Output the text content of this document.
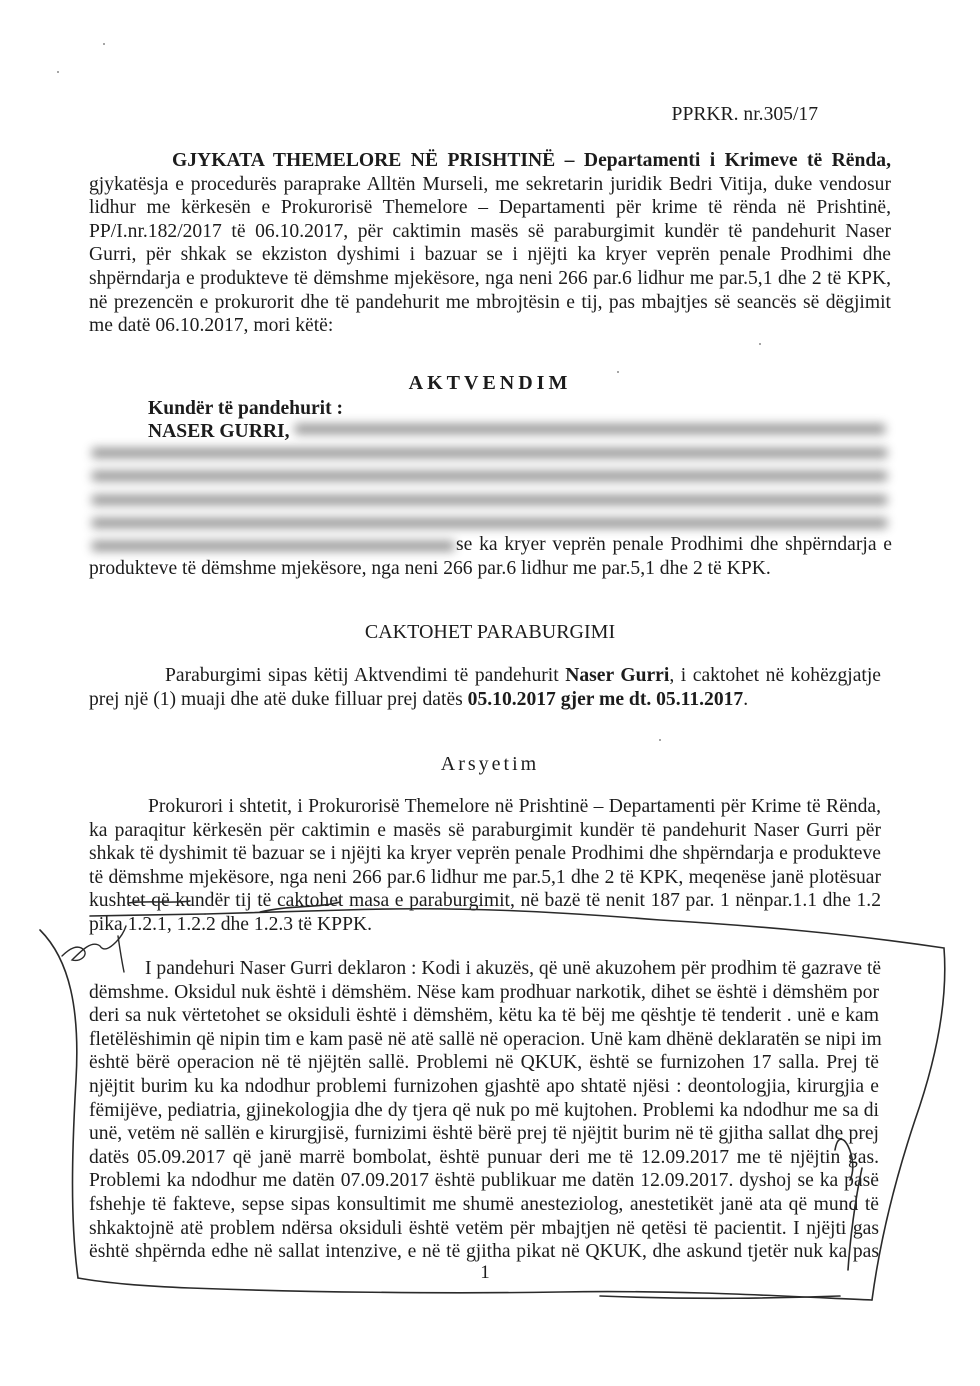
PPRKR. nr.305/17
GJYKATA THEMELORE NË PRISHTINË – Departamenti i Krimeve të Rënda,
gjykatësja e procedurës paraprake Alltën Murseli, me sekretarin juridik Bedri Vitija, duke vendosur
lidhur me kërkesën e Prokurorisë Themelore – Departamenti për krime të rënda në Prishtinë,
PP/I.nr.182/2017 të 06.10.2017, për caktimin masës së paraburgimit kundër të pandehurit Naser
Gurri, për shkak se ekziston dyshimi i bazuar se i njëjti ka kryer veprën penale Prodhimi dhe
shpërndarja e produkteve të dëmshme mjekësore, nga neni 266 par.6 lidhur me par.5,1 dhe 2 të KPK,
në prezencën e prokurorit dhe të pandehurit me mbrojtësin e tij, pas mbajtjes së seancës së dëgjimit
me datë 06.10.2017, mori këtë:
AKTVENDIM
Kundër të pandehurit :
NASER GURRI,
se ka kryer veprën penale Prodhimi dhe shpërndarja e
produkteve të dëmshme mjekësore, nga neni 266 par.6 lidhur me par.5,1 dhe 2 të KPK.
CAKTOHET PARABURGIMI
Paraburgimi sipas këtij Aktvendimi të pandehurit Naser Gurri, i caktohet në kohëzgjatje
prej një (1) muaji dhe atë duke filluar prej datës 05.10.2017 gjer me dt. 05.11.2017.
Arsyetim
Prokurori i shtetit, i Prokurorisë Themelore në Prishtinë – Departamenti për Krime të Rënda,
ka paraqitur kërkesën për caktimin e masës së paraburgimit kundër të pandehurit Naser Gurri për
shkak të dyshimit të bazuar se i njëjti ka kryer veprën penale Prodhimi dhe shpërndarja e produkteve
të dëmshme mjekësore, nga neni 266 par.6 lidhur me par.5,1 dhe 2 të KPK, meqenëse janë plotësuar
kushtet që kundër tij të caktohet masa e paraburgimit, në bazë të nenit 187 par. 1 nënpar.1.1 dhe 1.2
pika 1.2.1, 1.2.2 dhe 1.2.3 të KPPK.
I pandehuri Naser Gurri deklaron : Kodi i akuzës, që unë akuzohem për prodhim të gazrave të
dëmshme. Oksidul nuk është i dëmshëm. Nëse kam prodhuar narkotik, dihet se është i dëmshëm por
deri sa nuk vërtetohet se oksiduli është i dëmshëm, këtu ka të bëj me qështje të tenderit . unë e kam
fletëlëshimin që nipin tim e kam pasë në atë sallë në operacion. Unë kam dhënë deklaratën se nipi im
është bërë operacion në të njëjtën sallë. Problemi në QKUK, është se furnizohen 17 salla. Prej të
njëjtit burim ku ka ndodhur problemi furnizohen gjashtë apo shtatë njësi : deontologjia, kirurgjia e
fëmijëve, pediatria, gjinekologjia dhe dy tjera që nuk po më kujtohen. Problemi ka ndodhur me sa di
unë, vetëm në sallën e kirurgjisë, furnizimi është bërë prej të njëjtit burim në të gjitha sallat dhe prej
datës 05.09.2017 që janë marrë bombolat, është punuar deri me të 12.09.2017 me të njëjtin gas.
Problemi ka ndodhur me datën 07.09.2017 është publikuar me datën 12.09.2017. dyshoj se ka pasë
fshehje të fakteve, sepse sipas konsultimit me shumë anesteziolog, anestetikët janë ata që mund të
shkaktojnë atë problem ndërsa oksiduli është vetëm për mbajtjen në qetësi të pacientit. I njëjti gas
është shpërnda edhe në sallat intenzive, e në të gjitha pikat në QKUK, dhe askund tjetër nuk ka pas
1
